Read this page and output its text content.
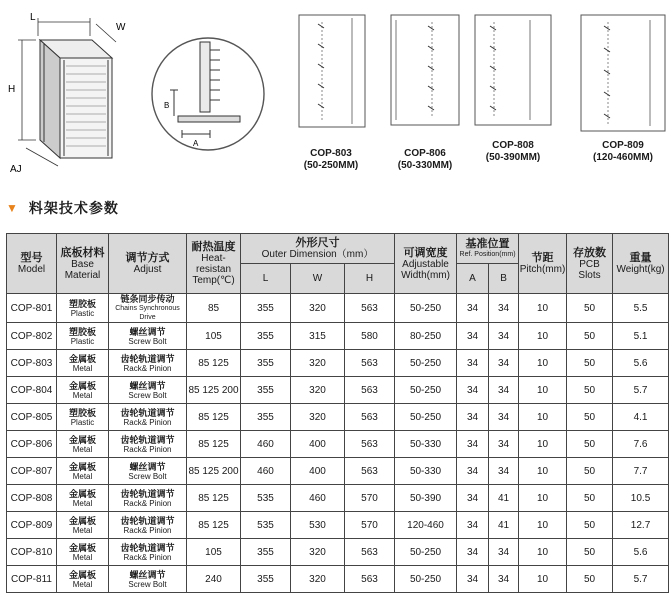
L
W
H
AJ
B
A
COP-803
(50-250MM)
COP-806
(50-330MM)
COP-808
(50-390MM)
COP-809
(120-460MM)
▼ 料架技术参数
型号
Model	底板材料
Base Material	调节方式
Adjust	耐热温度
Heat-resistan Temp(℃)	外形尺寸
Outer Dimension（mm）			可调宽度
Adjustable Width(mm)	基准位置
Ref. Position(mm)		节距
Pitch(mm)	存放数
PCB Slots	重量
Weight(kg)

				L	W	H		A	B			
COP-801	塑胶板
Plastic	链条同步传动
Chains Synchronous Drive	85	355	320	563	50-250	34	34	10	50	5.5
COP-802	塑胶板
Plastic	螺丝调节
Screw Bolt	105	355	315	580	80-250	34	34	10	50	5.1
COP-803	金属板
Metal	齿轮轨道调节
Rack& Pinion	85 125	355	320	563	50-250	34	34	10	50	5.6
COP-804	金属板
Metal	螺丝调节
Screw Bolt	85 125 200	355	320	563	50-250	34	34	10	50	5.7
COP-805	塑胶板
Plastic	齿轮轨道调节
Rack& Pinion	85 125	355	320	563	50-250	34	34	10	50	4.1
COP-806	金属板
Metal	齿轮轨道调节
Rack& Pinion	85 125	460	400	563	50-330	34	34	10	50	7.6
COP-807	金属板
Metal	螺丝调节
Screw Bolt	85 125 200	460	400	563	50-330	34	34	10	50	7.7
COP-808	金属板
Metal	齿轮轨道调节
Rack& Pinion	85 125	535	460	570	50-390	34	41	10	50	10.5
COP-809	金属板
Metal	齿轮轨道调节
Rack& Pinion	85 125	535	530	570	120-460	34	41	10	50	12.7
COP-810	金属板
Metal	齿轮轨道调节
Rack& Pinion	105	355	320	563	50-250	34	34	10	50	5.6
COP-811	金属板
Metal	螺丝调节
Screw Bolt	240	355	320	563	50-250	34	34	10	50	5.7
